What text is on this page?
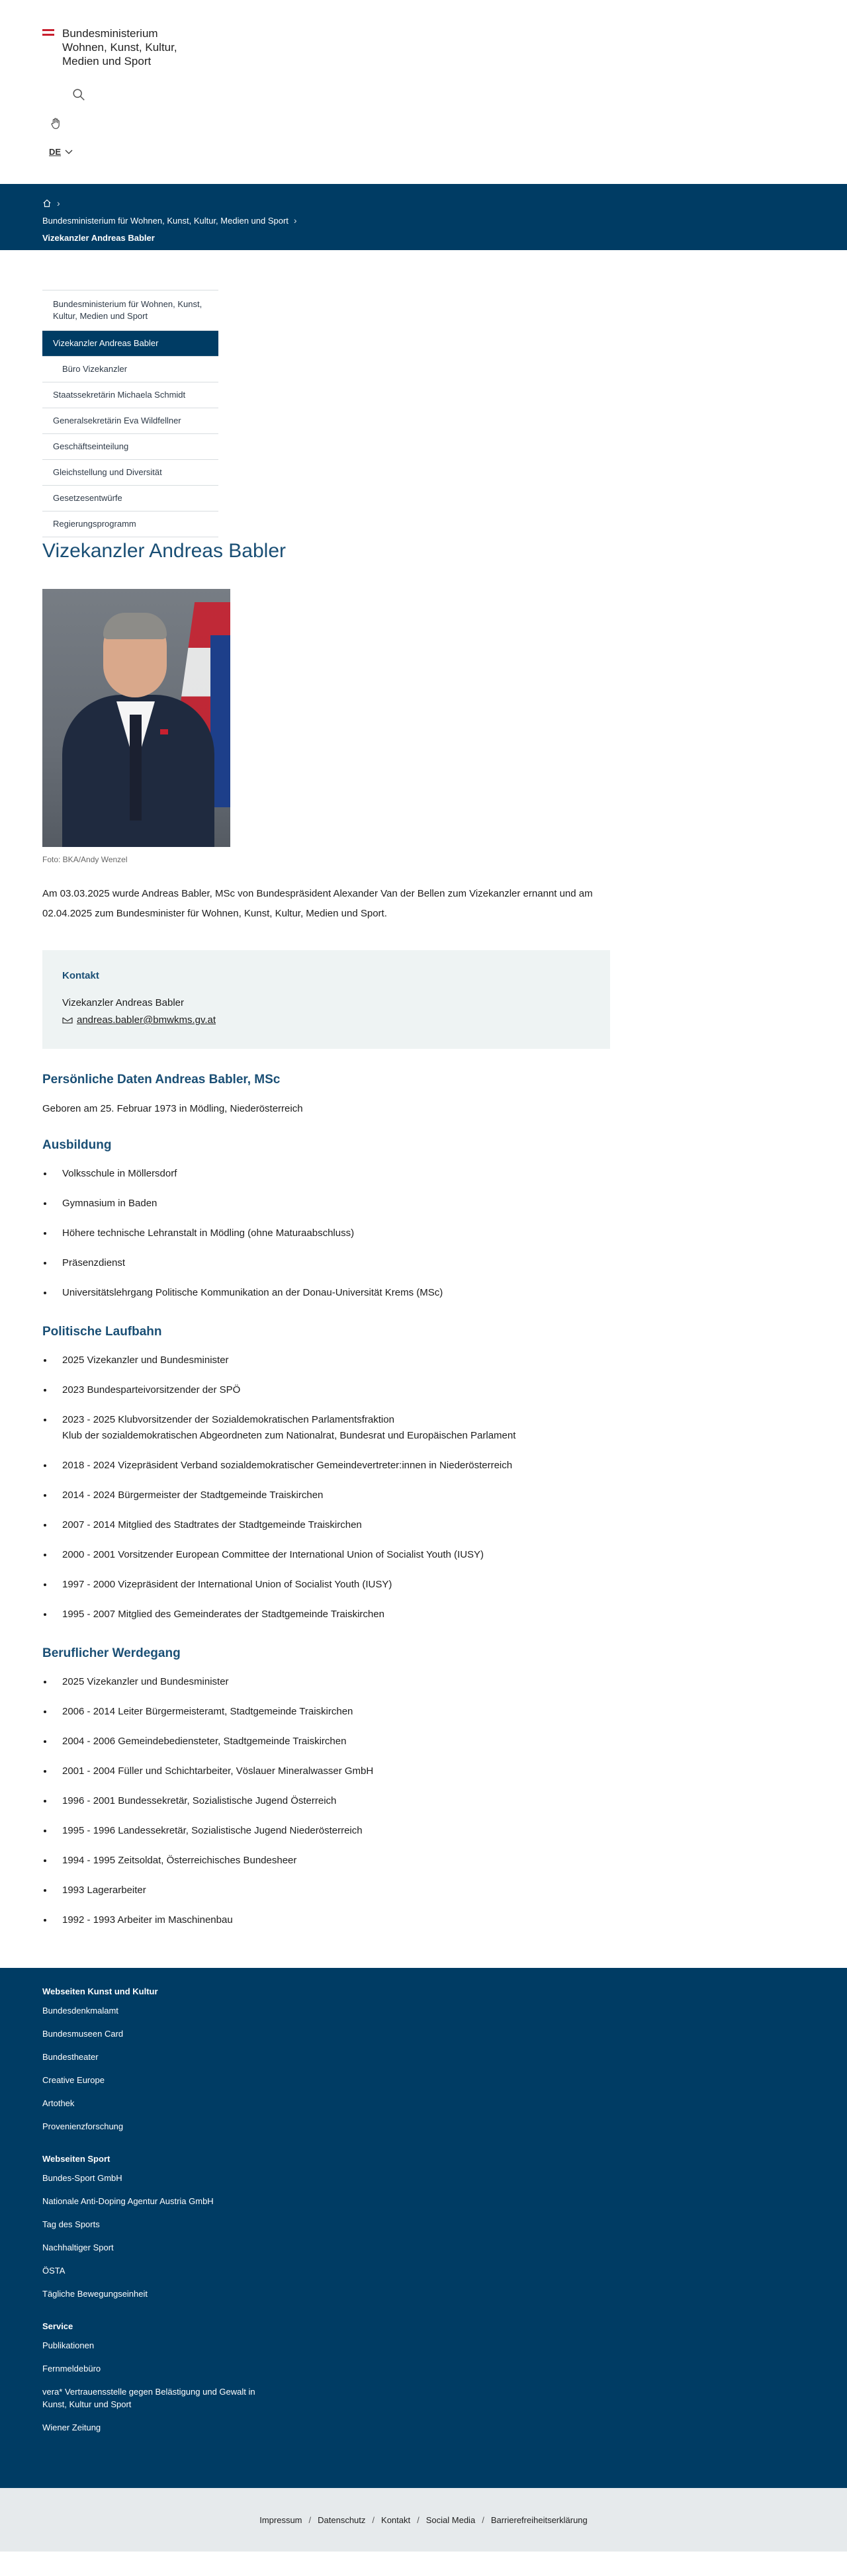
Bundesministerium
Wohnen, Kunst, Kultur,
Medien und Sport
DE
›
Bundesministerium für Wohnen, Kunst, Kultur, Medien und Sport ›
Vizekanzler Andreas Babler
Bundesministerium für Wohnen, Kunst, Kultur, Medien und Sport
Vizekanzler Andreas Babler
Büro Vizekanzler
Staatssekretärin Michaela Schmidt
Generalsekretärin Eva Wildfellner
Geschäftseinteilung
Gleichstellung und Diversität
Gesetzesentwürfe
Regierungsprogramm
Vizekanzler Andreas Babler

Foto: BKA/Andy Wenzel

Am 03.03.2025 wurde Andreas Babler, MSc von Bundespräsident Alexander Van der Bellen zum Vizekanzler ernannt und am 02.04.2025 zum Bundesminister für Wohnen, Kunst, Kultur, Medien und Sport.

Kontakt
Vizekanzler Andreas Babler
andreas.babler@bmwkms.gv.at
Persönliche Daten Andreas Babler, MSc

Geboren am 25. Februar 1973 in Mödling, Niederösterreich

Ausbildung
Volksschule in Möllersdorf
Gymnasium in Baden
Höhere technische Lehranstalt in Mödling (ohne Maturaabschluss)
Präsenzdienst
Universitätslehrgang Politische Kommunikation an der Donau-Universität Krems (MSc)
Politische Laufbahn
2025 Vizekanzler und Bundesminister
2023 Bundesparteivorsitzender der SPÖ
2023 - 2025 Klubvorsitzender der Sozialdemokratischen Parlamentsfraktion
Klub der sozialdemokratischen Abgeordneten zum Nationalrat, Bundesrat und Europäischen Parlament
2018 - 2024 Vizepräsident Verband sozialdemokratischer Gemeindevertreter:innen in Niederösterreich
2014 - 2024 Bürgermeister der Stadtgemeinde Traiskirchen
2007 - 2014 Mitglied des Stadtrates der Stadtgemeinde Traiskirchen
2000 - 2001 Vorsitzender European Committee der International Union of Socialist Youth (IUSY)
1997 - 2000 Vizepräsident der International Union of Socialist Youth (IUSY)
1995 - 2007 Mitglied des Gemeinderates der Stadtgemeinde Traiskirchen
Beruflicher Werdegang
2025 Vizekanzler und Bundesminister
2006 - 2014 Leiter Bürgermeisteramt, Stadtgemeinde Traiskirchen
2004 - 2006 Gemeindebediensteter, Stadtgemeinde Traiskirchen
2001 - 2004 Füller und Schichtarbeiter, Vöslauer Mineralwasser GmbH
1996 - 2001 Bundessekretär, Sozialistische Jugend Österreich
1995 - 1996 Landessekretär, Sozialistische Jugend Niederösterreich
1994 - 1995 Zeitsoldat, Österreichisches Bundesheer
1993 Lagerarbeiter
1992 - 1993 Arbeiter im Maschinenbau
Webseiten Kunst und Kultur
Bundesdenkmalamt
Bundesmuseen Card
Bundestheater
Creative Europe
Artothek
Provenienzforschung
Webseiten Sport
Bundes-Sport GmbH
Nationale Anti-Doping Agentur Austria GmbH
Tag des Sports
Nachhaltiger Sport
ÖSTA
Tägliche Bewegungseinheit
Service
Publikationen
Fernmeldebüro
vera* Vertrauensstelle gegen Belästigung und Gewalt in Kunst, Kultur und Sport
Wiener Zeitung
Impressum / Datenschutz / Kontakt / Social Media / Barrierefreiheitserklärung
